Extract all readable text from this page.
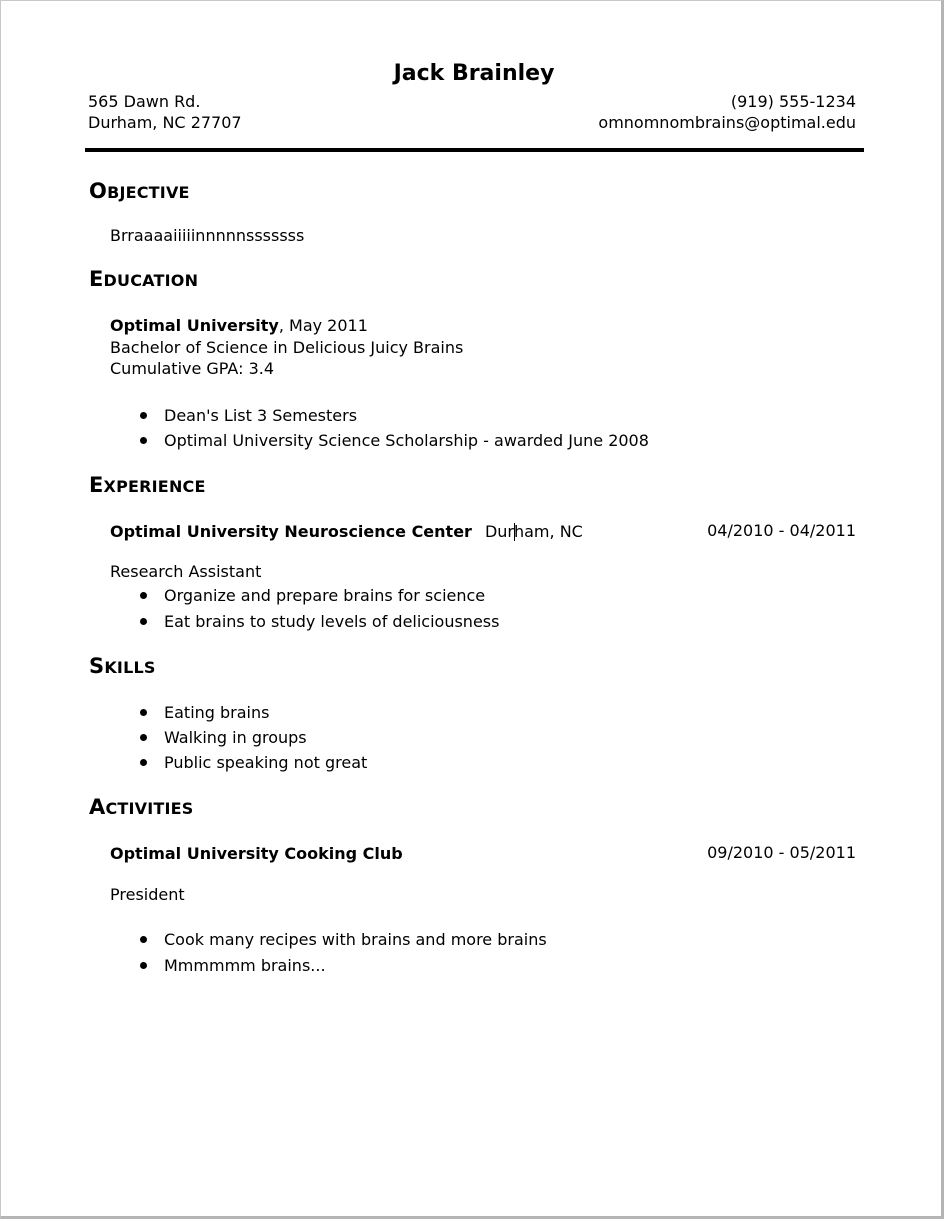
Jack Brainley
565 Dawn Rd.
Durham, NC 27707
(919) 555-1234
omnomnombrains@optimal.edu
OBJECTIVE
Brraaaaiiiiinnnnnsssssss
EDUCATION
Optimal University, May 2011
Bachelor of Science in Delicious Juicy Brains
Cumulative GPA: 3.4
Dean's List 3 Semesters
Optimal University Science Scholarship - awarded June 2008
EXPERIENCE
Optimal University Neuroscience Center Durham, NC	04/2010 - 04/2011
Research Assistant
Organize and prepare brains for science
Eat brains to study levels of deliciousness
SKILLS
Eating brains
Walking in groups
Public speaking not great
ACTIVITIES
Optimal University Cooking Club	09/2010 - 05/2011
President
Cook many recipes with brains and more brains
Mmmmmm brains...
